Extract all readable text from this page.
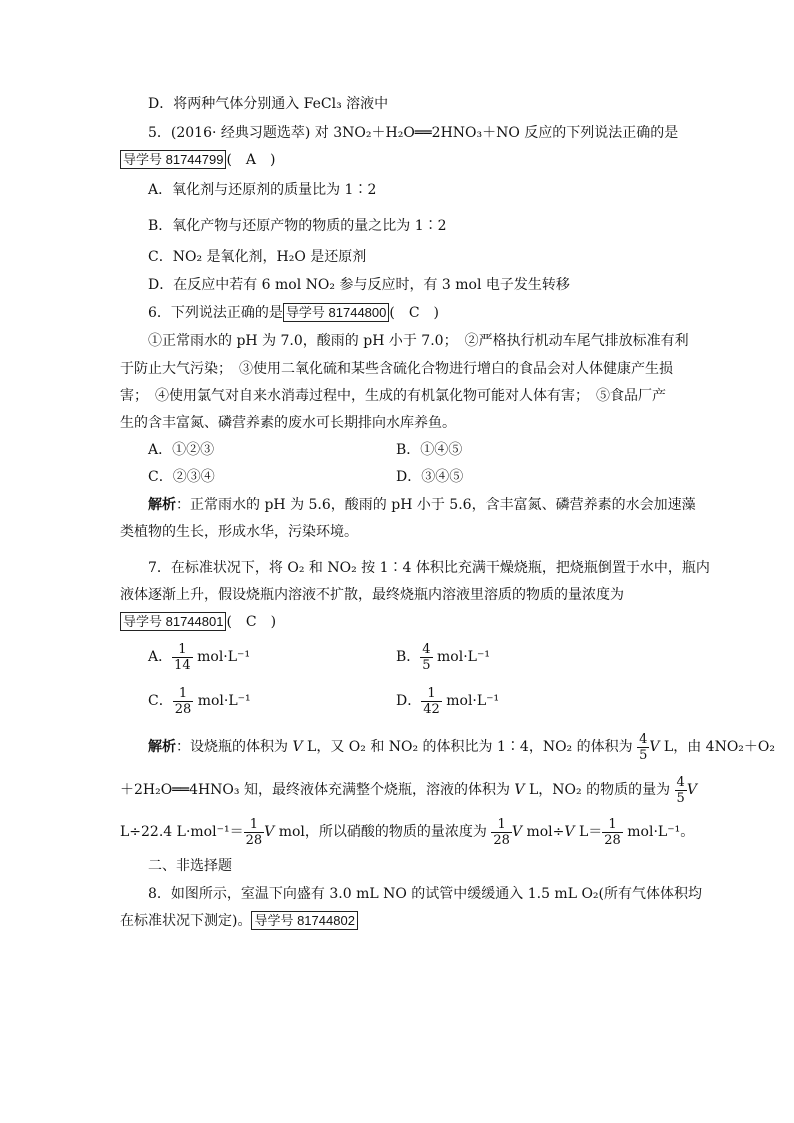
D．将两种气体分别通入 FeCl₃ 溶液中
5．(2016· 经典习题选萃) 对 3NO₂＋H₂O══2HNO₃＋NO 反应的下列说法正确的是
导学号 81744799 (　A　)
A．氧化剂与还原剂的质量比为 1∶2
B．氧化产物与还原产物的物质的量之比为 1∶2
C．NO₂ 是氧化剂，H₂O 是还原剂
D．在反应中若有 6 mol NO₂ 参与反应时，有 3 mol 电子发生转移
6．下列说法正确的是 导学号 81744800 (　C　)
①正常雨水的 pH 为 7.0，酸雨的 pH 小于 7.0；　②严格执行机动车尾气排放标准有利
于防止大气污染；　③使用二氧化硫和某些含硫化合物进行增白的食品会对人体健康产生损
害；　④使用氯气对自来水消毒过程中，生成的有机氯化物可能对人体有害；　⑤食品厂产
生的含丰富氮、磷营养素的废水可长期排向水库养鱼。
A．①②③	B．①④⑤
C．②③④	D．③④⑤
解析：正常雨水的 pH 为 5.6，酸雨的 pH 小于 5.6，含丰富氮、磷营养素的水会加速藻
类植物的生长，形成水华，污染环境。
7．在标准状况下，将 O₂ 和 NO₂ 按 1∶4 体积比充满干燥烧瓶，把烧瓶倒置于水中，瓶内
液体逐渐上升，假设烧瓶内溶液不扩散，最终烧瓶内溶液里溶质的物质的量浓度为
导学号 81744801 (　C　)
A． $\frac{1}{14} mol\cdot L^{-1}$	B． $\frac{4}{5} mol\cdot L^{-1}$
C． $\frac{1}{28} mol\cdot L^{-1}$	D． $\frac{1}{42} mol\cdot L^{-1}$
解析：设烧瓶的体积为 V L，又 O₂ 和 NO₂ 的体积比为 1∶4，NO₂ 的体积为 $\frac{4}{5}$ V L，由 4NO₂＋O₂
＋2H₂O══4HNO₃ 知，最终液体充满整个烧瓶，溶液的体积为 V L，NO₂ 的物质的量为 $\frac{4}{5}$ V
L÷22.4 $L\cdot mol^{-1}= \frac{1}{28}$ V mol，所以硝酸的物质的量浓度为 $\frac{1}{28}$ V mol÷V $L= \frac{1}{28} mol\cdot L^{-1}$。
二、非选择题
8．如图所示，室温下向盛有 3.0 mL NO 的试管中缓缓通入 1.5 mL O₂(所有气体体积均
在标准状况下测定)。 导学号 81744802
